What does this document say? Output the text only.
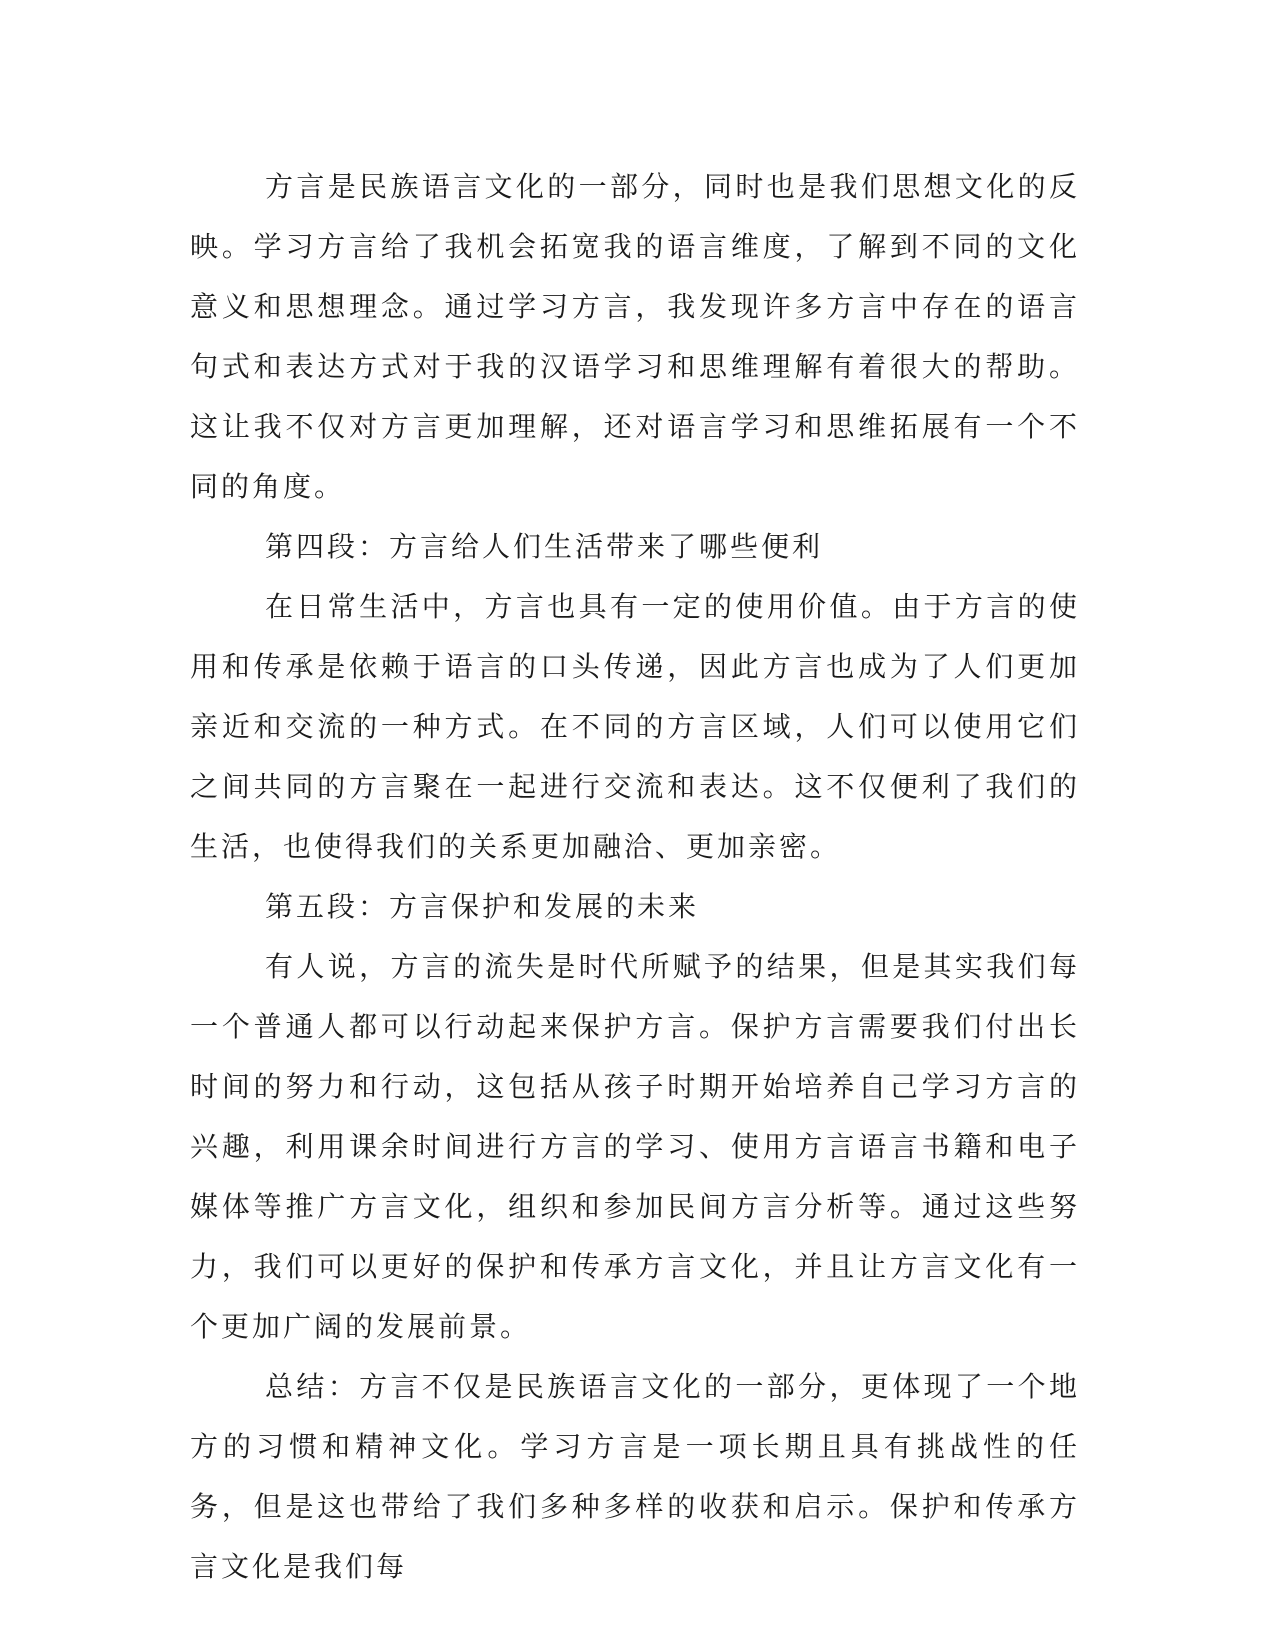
方言是民族语言文化的一部分，同时也是我们思想文化的反映。学习方言给了我机会拓宽我的语言维度，了解到不同的文化意义和思想理念。通过学习方言，我发现许多方言中存在的语言句式和表达方式对于我的汉语学习和思维理解有着很大的帮助。这让我不仅对方言更加理解，还对语言学习和思维拓展有一个不同的角度。

第四段：方言给人们生活带来了哪些便利

在日常生活中，方言也具有一定的使用价值。由于方言的使用和传承是依赖于语言的口头传递，因此方言也成为了人们更加亲近和交流的一种方式。在不同的方言区域，人们可以使用它们之间共同的方言聚在一起进行交流和表达。这不仅便利了我们的生活，也使得我们的关系更加融洽、更加亲密。

第五段：方言保护和发展的未来

有人说，方言的流失是时代所赋予的结果，但是其实我们每一个普通人都可以行动起来保护方言。保护方言需要我们付出长时间的努力和行动，这包括从孩子时期开始培养自己学习方言的兴趣，利用课余时间进行方言的学习、使用方言语言书籍和电子媒体等推广方言文化，组织和参加民间方言分析等。通过这些努力，我们可以更好的保护和传承方言文化，并且让方言文化有一个更加广阔的发展前景。

总结：方言不仅是民族语言文化的一部分，更体现了一个地方的习惯和精神文化。学习方言是一项长期且具有挑战性的任务，但是这也带给了我们多种多样的收获和启示。保护和传承方言文化是我们每
